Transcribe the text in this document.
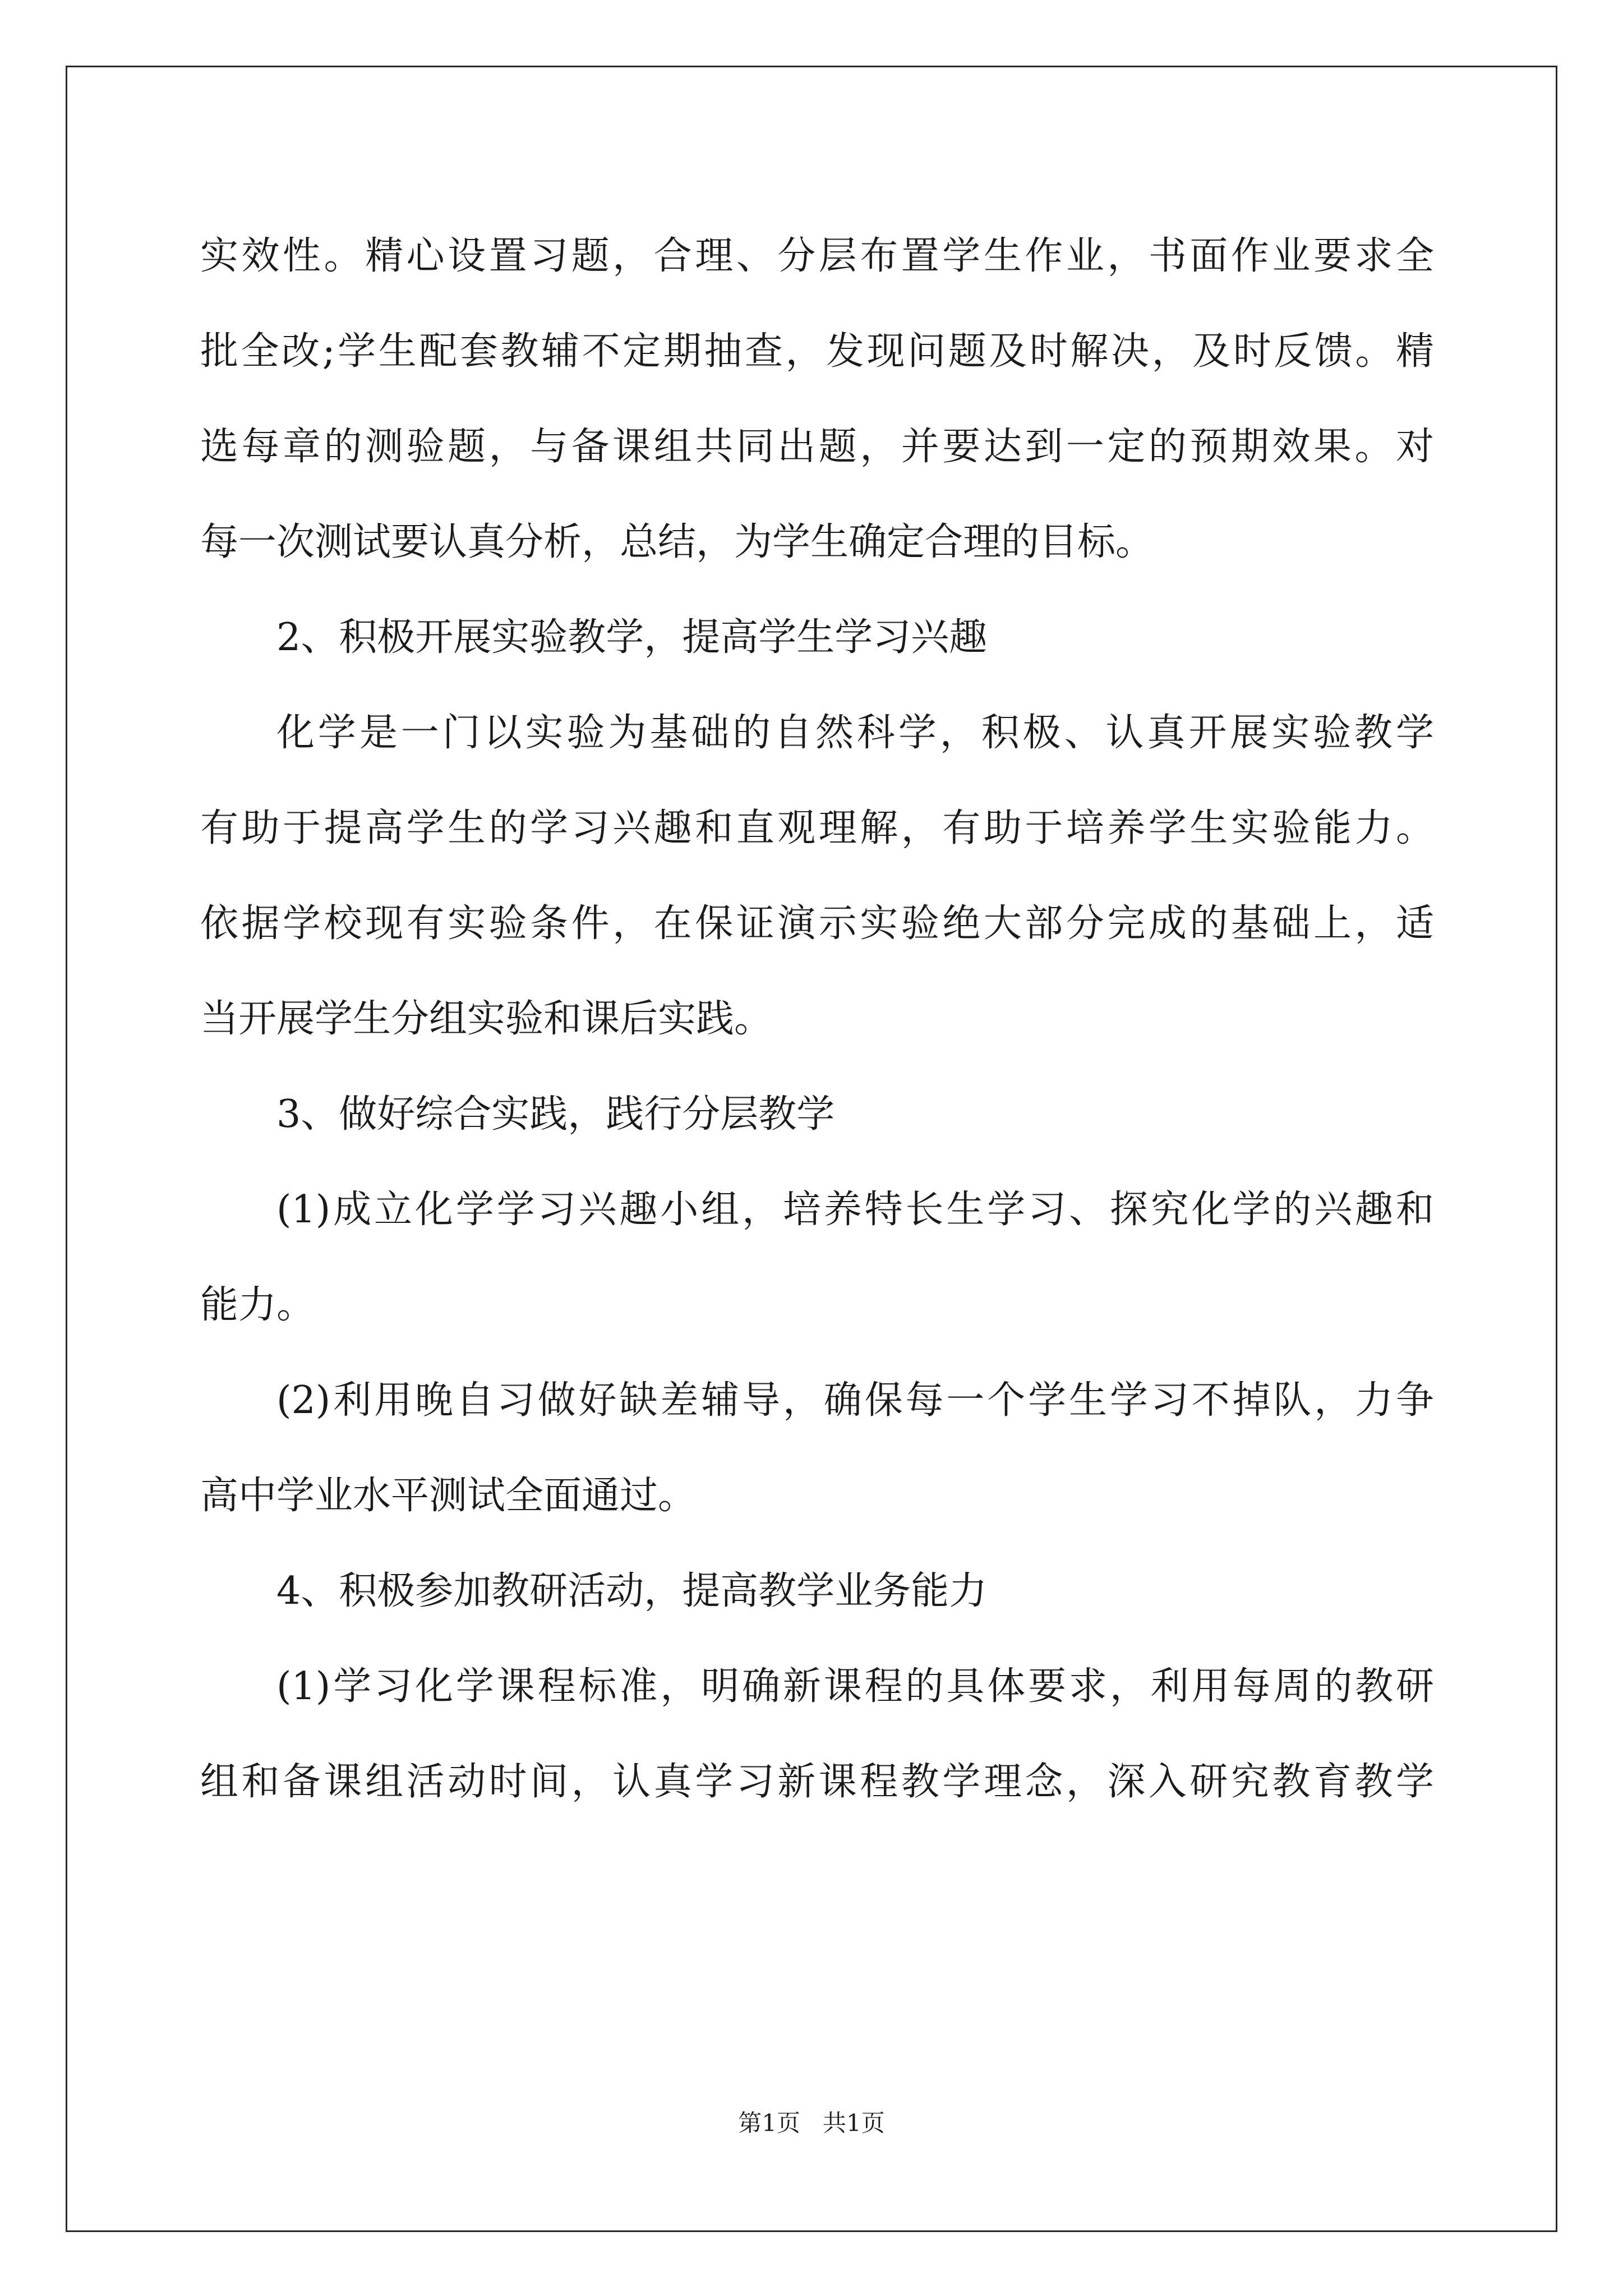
实效性。精心设置习题，合理、分层布置学生作业，书面作业要求全
批全改;学生配套教辅不定期抽查，发现问题及时解决，及时反馈。精
选每章的测验题，与备课组共同出题，并要达到一定的预期效果。对
每一次测试要认真分析，总结，为学生确定合理的目标。
2、积极开展实验教学，提高学生学习兴趣
化学是一门以实验为基础的自然科学，积极、认真开展实验教学
有助于提高学生的学习兴趣和直观理解，有助于培养学生实验能力。
依据学校现有实验条件，在保证演示实验绝大部分完成的基础上，适
当开展学生分组实验和课后实践。
3、做好综合实践，践行分层教学
(1)成立化学学习兴趣小组，培养特长生学习、探究化学的兴趣和
能力。
(2)利用晚自习做好缺差辅导，确保每一个学生学习不掉队，力争
高中学业水平测试全面通过。
4、积极参加教研活动，提高教学业务能力
(1)学习化学课程标准，明确新课程的具体要求，利用每周的教研
组和备课组活动时间，认真学习新课程教学理念，深入研究教育教学
第1页   共1页
